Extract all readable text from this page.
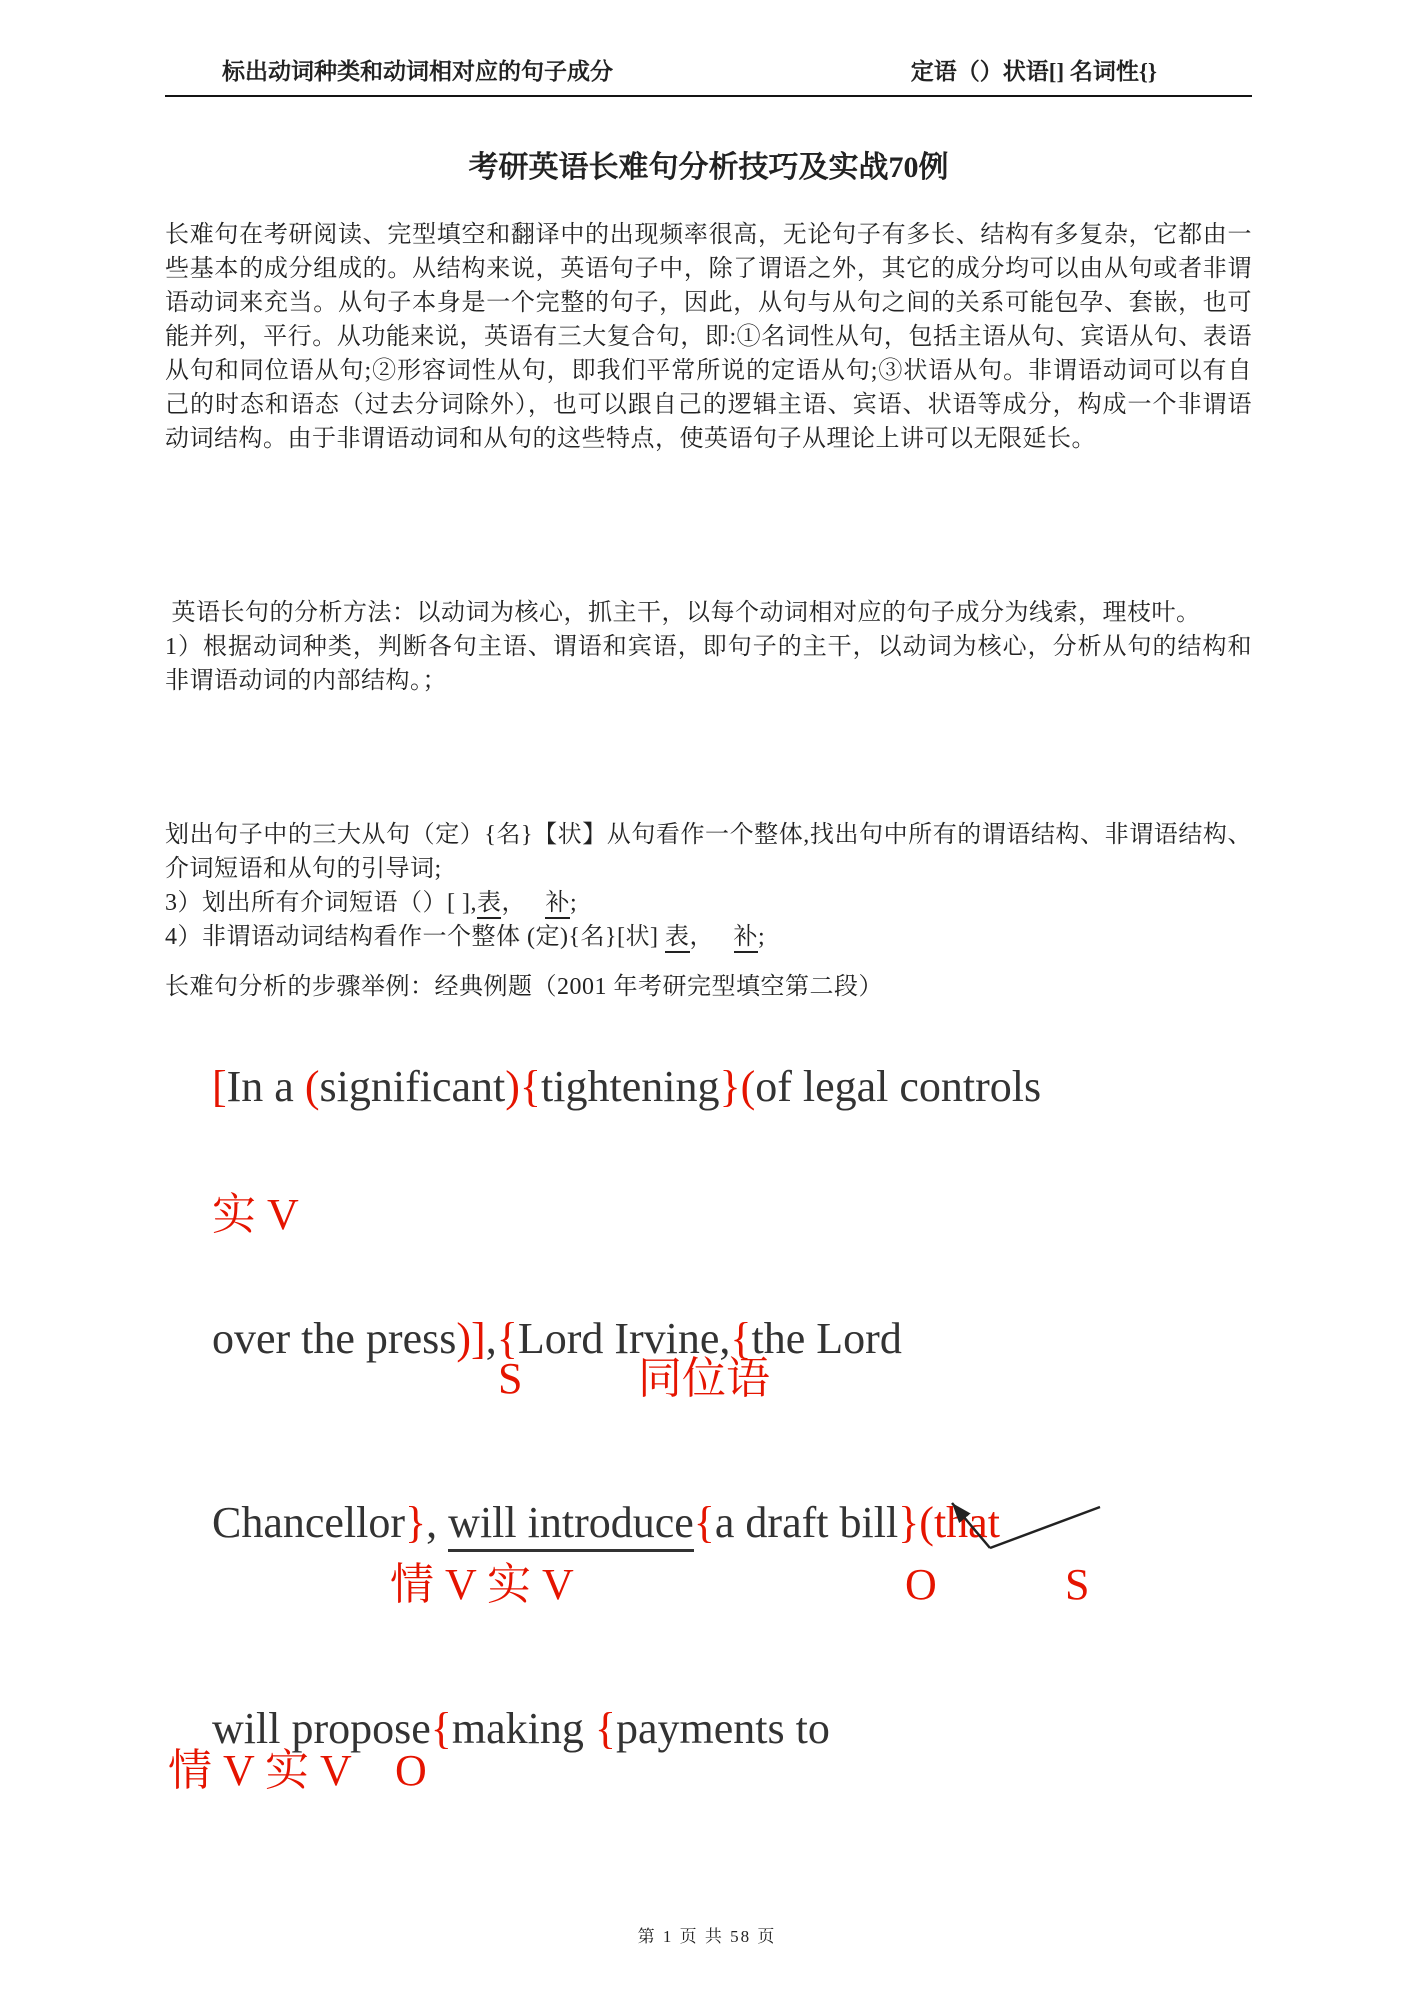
标出动词种类和动词相对应的句子成分	定语（）状语[] 名词性{}
考研英语长难句分析技巧及实战70例

长难句在考研阅读、完型填空和翻译中的出现频率很高，无论句子有多长、结构有多复杂，它都由一些基本的成分组成的。从结构来说，英语句子中，除了谓语之外，其它的成分均可以由从句或者非谓语动词来充当。从句子本身是一个完整的句子，因此，从句与从句之间的关系可能包孕、套嵌，也可能并列，平行。从功能来说，英语有三大复合句，即:①名词性从句，包括主语从句、宾语从句、表语从句和同位语从句;②形容词性从句，即我们平常所说的定语从句;③状语从句。非谓语动词可以有自己的时态和语态（过去分词除外），也可以跟自己的逻辑主语、宾语、状语等成分，构成一个非谓语动词结构。由于非谓语动词和从句的这些特点，使英语句子从理论上讲可以无限延长。

英语长句的分析方法：以动词为核心，抓主干，以每个动词相对应的句子成分为线索，理枝叶。

1）根据动词种类，判断各句主语、谓语和宾语，即句子的主干，以动词为核心，分析从句的结构和非谓语动词的内部结构。；

划出句子中的三大从句（定）{名}【状】从句看作一个整体,找出句中所有的谓语结构、非谓语结构、介词短语和从句的引导词;

3）划出所有介词短语（）[ ],表，   补;

4）非谓语动词结构看作一个整体 (定){名}[状] 表，   补;

长难句分析的步骤举例：经典例题（2001 年考研完型填空第二段）

[In a (significant){tightening}(of legal controls

实 V

over the press)],{Lord Irvine,{the Lord

S

	同位语

Chancellor}, will introduce{a draft bill}(that

情 V 实 V

	O

	S

will propose{making {payments to

情 V 实 V

O

第 1 页 共 58 页
